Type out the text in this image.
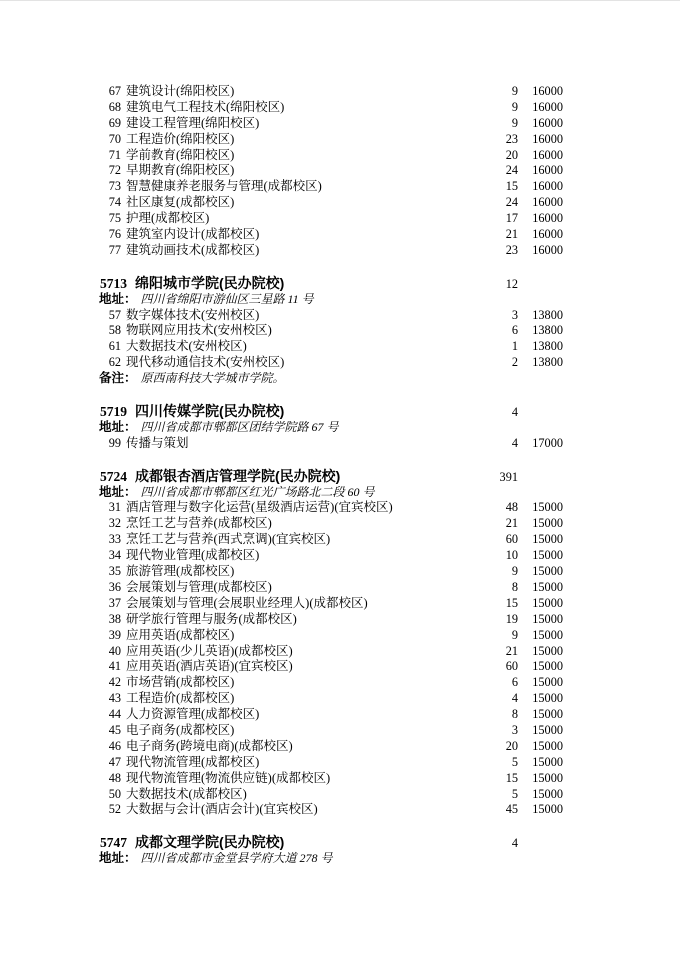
67 建筑设计(绵阳校区)	9	16000
68 建筑电气工程技术(绵阳校区)	9	16000
69 建设工程管理(绵阳校区)	9	16000
70 工程造价(绵阳校区)	23	16000
71 学前教育(绵阳校区)	20	16000
72 早期教育(绵阳校区)	24	16000
73 智慧健康养老服务与管理(成都校区)	15	16000
74 社区康复(成都校区)	24	16000
75 护理(成都校区)	17	16000
76 建筑室内设计(成都校区)	21	16000
77 建筑动画技术(成都校区)	23	16000
5713 绵阳城市学院(民办院校)	12
地址： 四川省绵阳市游仙区三星路 11 号
57 数字媒体技术(安州校区)	3	13800
58 物联网应用技术(安州校区)	6	13800
61 大数据技术(安州校区)	1	13800
62 现代移动通信技术(安州校区)	2	13800
备注： 原西南科技大学城市学院。
5719 四川传媒学院(民办院校)	4
地址： 四川省成都市郫都区团结学院路 67 号
99 传播与策划	4	17000
5724 成都银杏酒店管理学院(民办院校)	391
地址： 四川省成都市郫都区红光广场路北二段 60 号
31 酒店管理与数字化运营(星级酒店运营)(宜宾校区)	48	15000
32 烹饪工艺与营养(成都校区)	21	15000
33 烹饪工艺与营养(西式烹调)(宜宾校区)	60	15000
34 现代物业管理(成都校区)	10	15000
35 旅游管理(成都校区)	9	15000
36 会展策划与管理(成都校区)	8	15000
37 会展策划与管理(会展职业经理人)(成都校区)	15	15000
38 研学旅行管理与服务(成都校区)	19	15000
39 应用英语(成都校区)	9	15000
40 应用英语(少儿英语)(成都校区)	21	15000
41 应用英语(酒店英语)(宜宾校区)	60	15000
42 市场营销(成都校区)	6	15000
43 工程造价(成都校区)	4	15000
44 人力资源管理(成都校区)	8	15000
45 电子商务(成都校区)	3	15000
46 电子商务(跨境电商)(成都校区)	20	15000
47 现代物流管理(成都校区)	5	15000
48 现代物流管理(物流供应链)(成都校区)	15	15000
50 大数据技术(成都校区)	5	15000
52 大数据与会计(酒店会计)(宜宾校区)	45	15000
5747 成都文理学院(民办院校)	4
地址： 四川省成都市金堂县学府大道 278 号
